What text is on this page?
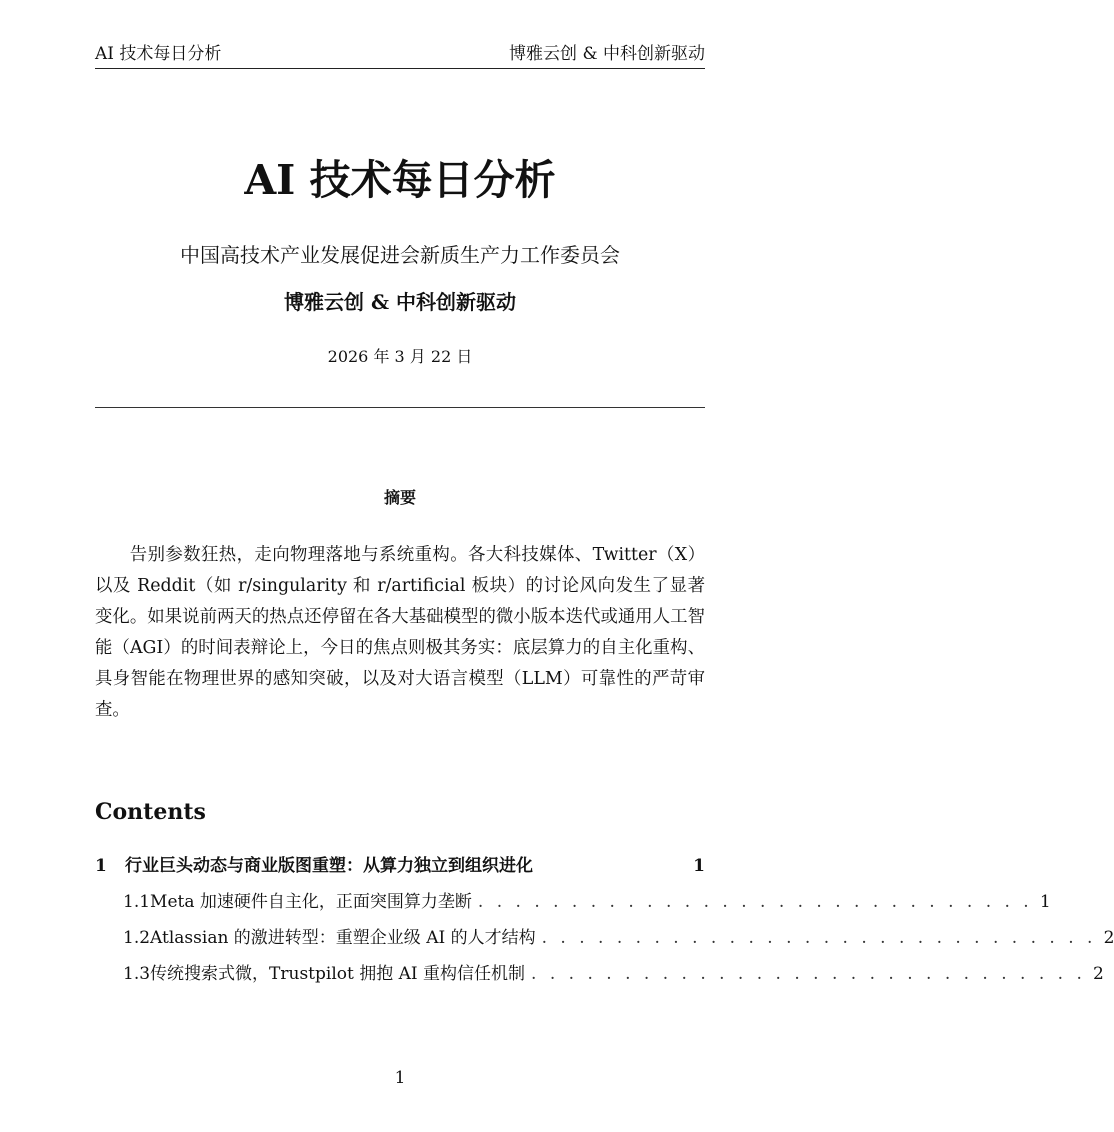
AI 技术每日分析	博雅云创 & 中科创新驱动
AI 技术每日分析
中国高技术产业发展促进会新质生产力工作委员会
博雅云创 & 中科创新驱动
2026 年 3 月 22 日
摘要
告别参数狂热，走向物理落地与系统重构。各大科技媒体、Twitter（X）以及 Reddit（如 r/singularity 和 r/artificial 板块）的讨论风向发生了显著变化。如果说前两天的热点还停留在各大基础模型的微小版本迭代或通用人工智能（AGI）的时间表辩论上，今日的焦点则极其务实：底层算力的自主化重构、具身智能在物理世界的感知突破，以及对大语言模型（LLM）可靠性的严苛审查。
Contents
1	行业巨头动态与商业版图重塑：从算力独立到组织进化	1
1.1 Meta 加速硬件自主化，正面突围算力垄断 . . . . . . . . . . . . . . . . . . . . . . . . . . . . . . 1
1.2 Atlassian 的激进转型：重塑企业级 AI 的人才结构 . . . . . . . . . . . . . . . . . . . . . . . . . . . . . . 2
1.3 传统搜索式微，Trustpilot 拥抱 AI 重构信任机制 . . . . . . . . . . . . . . . . . . . . . . . . . . . . . . 2
1
